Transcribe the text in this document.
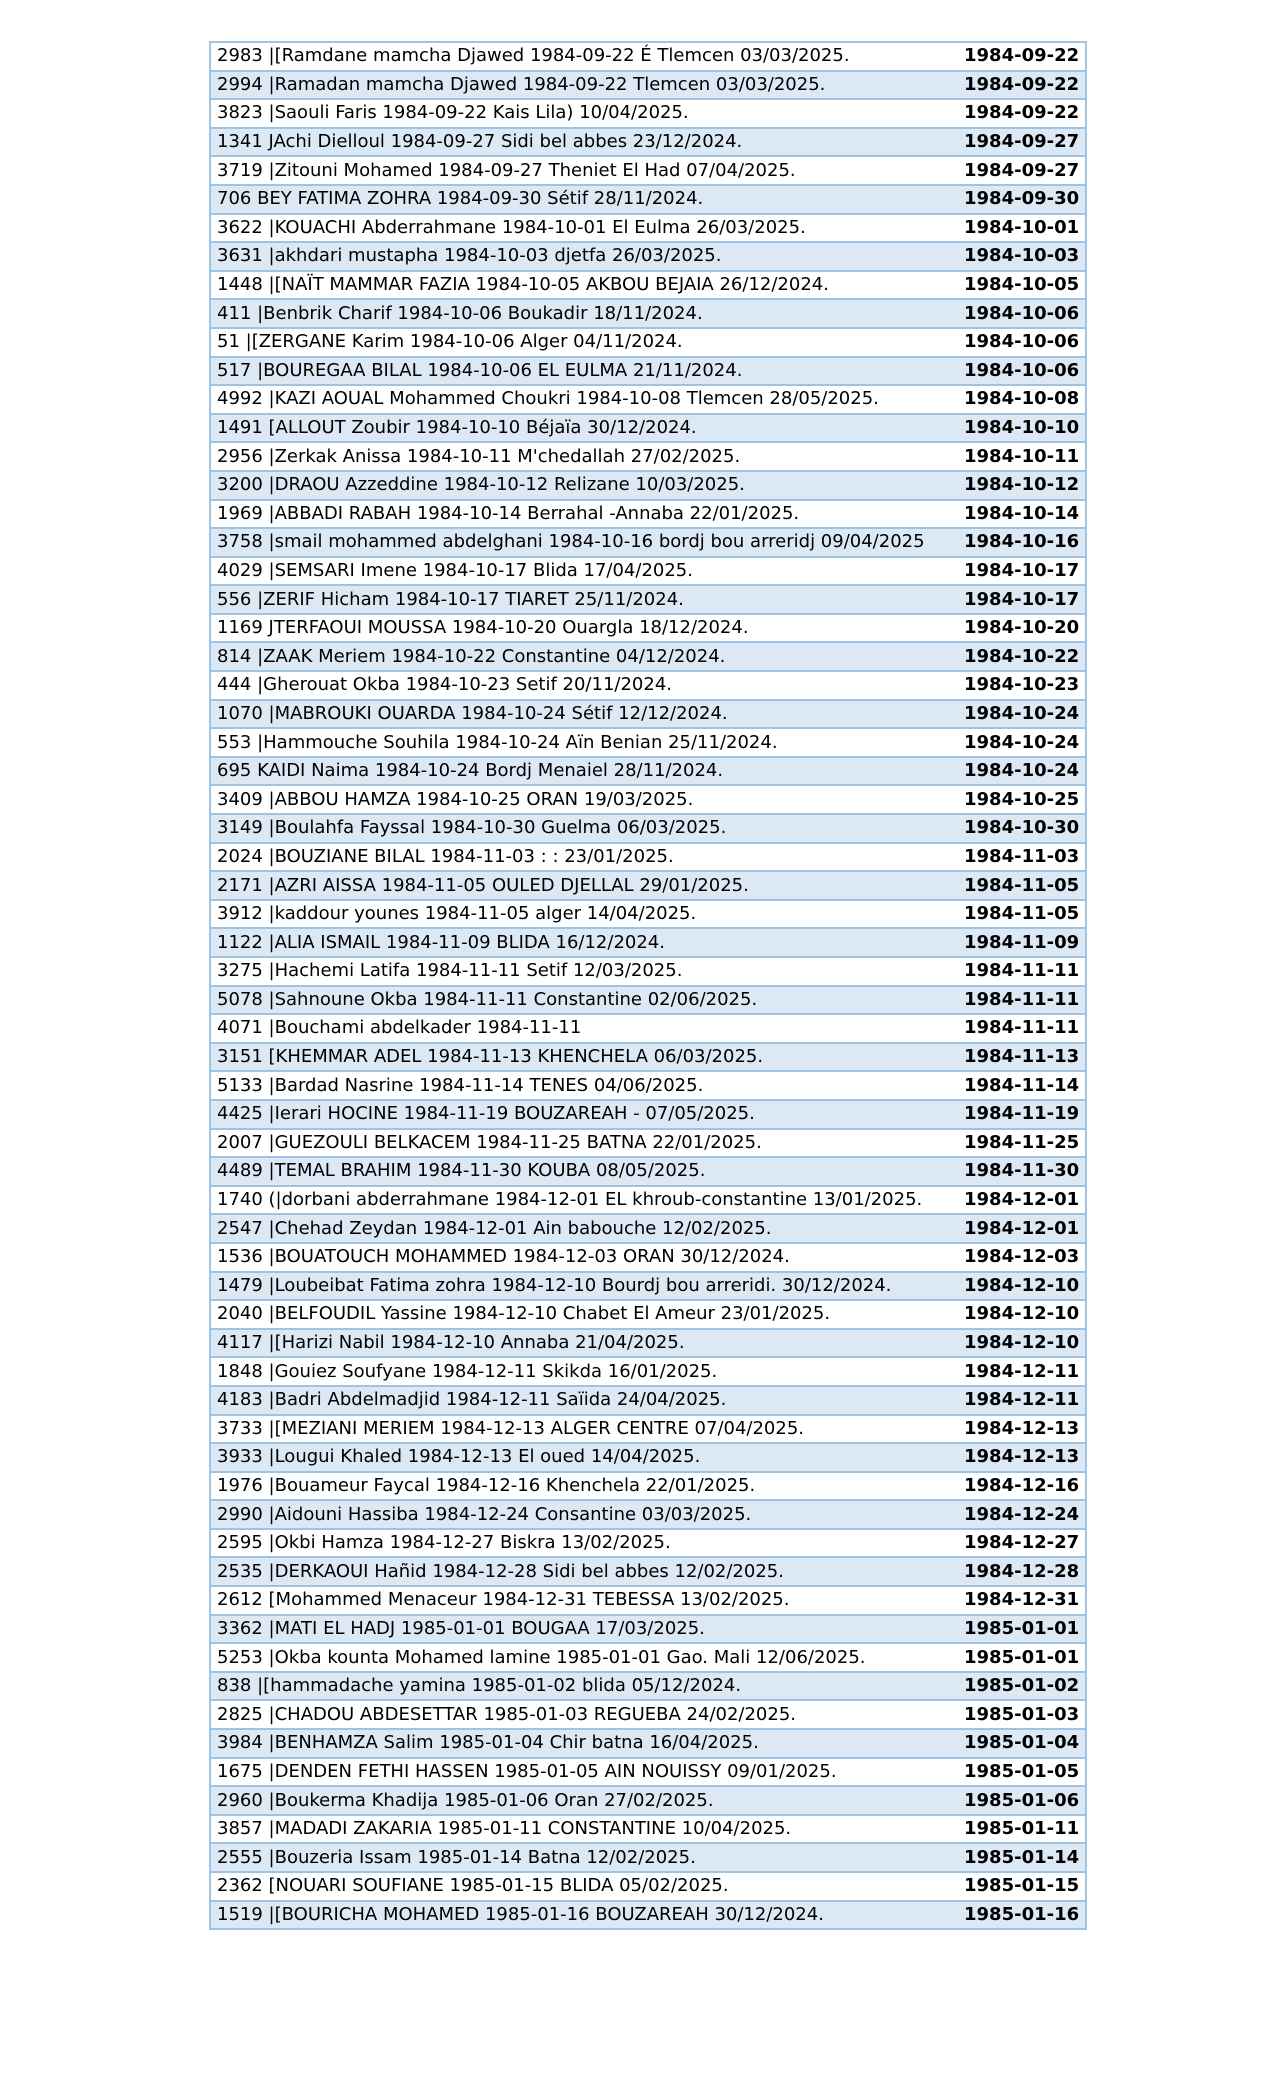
2983 |[Ramdane mamcha Djawed 1984-09-22 É Tlemcen 03/03/2025.	1984-09-22
2994 |Ramadan mamcha Djawed 1984-09-22 Tlemcen 03/03/2025.	1984-09-22
3823 |Saouli Faris 1984-09-22 Kais Lila) 10/04/2025.	1984-09-22
1341 JAchi Dielloul 1984-09-27 Sidi bel abbes 23/12/2024.	1984-09-27
3719 |Zitouni Mohamed 1984-09-27 Theniet El Had 07/04/2025.	1984-09-27
706 BEY FATIMA ZOHRA 1984-09-30 Sétif 28/11/2024.	1984-09-30
3622 |KOUACHI Abderrahmane 1984-10-01 El Eulma 26/03/2025.	1984-10-01
3631 |akhdari mustapha 1984-10-03 djetfa 26/03/2025.	1984-10-03
1448 |[NAÏT MAMMAR FAZIA 1984-10-05 AKBOU BEJAIA 26/12/2024.	1984-10-05
411 |Benbrik Charif 1984-10-06 Boukadir 18/11/2024.	1984-10-06
51 |[ZERGANE Karim 1984-10-06 Alger 04/11/2024.	1984-10-06
517 |BOUREGAA BILAL 1984-10-06 EL EULMA 21/11/2024.	1984-10-06
4992 |KAZI AOUAL Mohammed Choukri 1984-10-08 Tlemcen 28/05/2025.	1984-10-08
1491 [ALLOUT Zoubir 1984-10-10 Béjaïa 30/12/2024.	1984-10-10
2956 |Zerkak Anissa 1984-10-11 M'chedallah 27/02/2025.	1984-10-11
3200 |DRAOU Azzeddine 1984-10-12 Relizane 10/03/2025.	1984-10-12
1969 |ABBADI RABAH 1984-10-14 Berrahal -Annaba 22/01/2025.	1984-10-14
3758 |smail mohammed abdelghani 1984-10-16 bordj bou arreridj 09/04/2025	1984-10-16
4029 |SEMSARI Imene 1984-10-17 Blida 17/04/2025.	1984-10-17
556 |ZERIF Hicham 1984-10-17 TIARET 25/11/2024.	1984-10-17
1169 JTERFAOUI MOUSSA 1984-10-20 Ouargla 18/12/2024.	1984-10-20
814 |ZAAK Meriem 1984-10-22 Constantine 04/12/2024.	1984-10-22
444 |Gherouat Okba 1984-10-23 Setif 20/11/2024.	1984-10-23
1070 |MABROUKI OUARDA 1984-10-24 Sétif 12/12/2024.	1984-10-24
553 |Hammouche Souhila 1984-10-24 Aïn Benian 25/11/2024.	1984-10-24
695 KAIDI Naima 1984-10-24 Bordj Menaiel 28/11/2024.	1984-10-24
3409 |ABBOU HAMZA 1984-10-25 ORAN 19/03/2025.	1984-10-25
3149 |Boulahfa Fayssal 1984-10-30 Guelma 06/03/2025.	1984-10-30
2024 |BOUZIANE BILAL 1984-11-03 : : 23/01/2025.	1984-11-03
2171 |AZRI AISSA 1984-11-05 OULED DJELLAL 29/01/2025.	1984-11-05
3912 |kaddour younes 1984-11-05 alger 14/04/2025.	1984-11-05
1122 |ALIA ISMAIL 1984-11-09 BLIDA 16/12/2024.	1984-11-09
3275 |Hachemi Latifa 1984-11-11 Setif 12/03/2025.	1984-11-11
5078 |Sahnoune Okba 1984-11-11 Constantine 02/06/2025.	1984-11-11
4071 |Bouchami abdelkader 1984-11-11	1984-11-11
3151 [KHEMMAR ADEL 1984-11-13 KHENCHELA 06/03/2025.	1984-11-13
5133 |Bardad Nasrine 1984-11-14 TENES 04/06/2025.	1984-11-14
4425 |Ierari HOCINE 1984-11-19 BOUZAREAH - 07/05/2025.	1984-11-19
2007 |GUEZOULI BELKACEM 1984-11-25 BATNA 22/01/2025.	1984-11-25
4489 |TEMAL BRAHIM 1984-11-30 KOUBA 08/05/2025.	1984-11-30
1740 (|dorbani abderrahmane 1984-12-01 EL khroub-constantine 13/01/2025.	1984-12-01
2547 |Chehad Zeydan 1984-12-01 Ain babouche 12/02/2025.	1984-12-01
1536 |BOUATOUCH MOHAMMED 1984-12-03 ORAN 30/12/2024.	1984-12-03
1479 |Loubeibat Fatima zohra 1984-12-10 Bourdj bou arreridi. 30/12/2024.	1984-12-10
2040 |BELFOUDIL Yassine 1984-12-10 Chabet El Ameur 23/01/2025.	1984-12-10
4117 |[Harizi Nabil 1984-12-10 Annaba 21/04/2025.	1984-12-10
1848 |Gouiez Soufyane 1984-12-11 Skikda 16/01/2025.	1984-12-11
4183 |Badri Abdelmadjid 1984-12-11 Saïida 24/04/2025.	1984-12-11
3733 |[MEZIANI MERIEM 1984-12-13 ALGER CENTRE 07/04/2025.	1984-12-13
3933 |Lougui Khaled 1984-12-13 El oued 14/04/2025.	1984-12-13
1976 |Bouameur Faycal 1984-12-16 Khenchela 22/01/2025.	1984-12-16
2990 |Aidouni Hassiba 1984-12-24 Consantine 03/03/2025.	1984-12-24
2595 |Okbi Hamza 1984-12-27 Biskra 13/02/2025.	1984-12-27
2535 |DERKAOUI Hañid 1984-12-28 Sidi bel abbes 12/02/2025.	1984-12-28
2612 [Mohammed Menaceur 1984-12-31 TEBESSA 13/02/2025.	1984-12-31
3362 |MATI EL HADJ 1985-01-01 BOUGAA 17/03/2025.	1985-01-01
5253 |Okba kounta Mohamed lamine 1985-01-01 Gao. Mali 12/06/2025.	1985-01-01
838 |[hammadache yamina 1985-01-02 blida 05/12/2024.	1985-01-02
2825 |CHADOU ABDESETTAR 1985-01-03 REGUEBA 24/02/2025.	1985-01-03
3984 |BENHAMZA Salim 1985-01-04 Chir batna 16/04/2025.	1985-01-04
1675 |DENDEN FETHI HASSEN 1985-01-05 AIN NOUISSY 09/01/2025.	1985-01-05
2960 |Boukerma Khadija 1985-01-06 Oran 27/02/2025.	1985-01-06
3857 |MADADI ZAKARIA 1985-01-11 CONSTANTINE 10/04/2025.	1985-01-11
2555 |Bouzeria Issam 1985-01-14 Batna 12/02/2025.	1985-01-14
2362 [NOUARI SOUFIANE 1985-01-15 BLIDA 05/02/2025.	1985-01-15
1519 |[BOURICHA MOHAMED 1985-01-16 BOUZAREAH 30/12/2024.	1985-01-16
